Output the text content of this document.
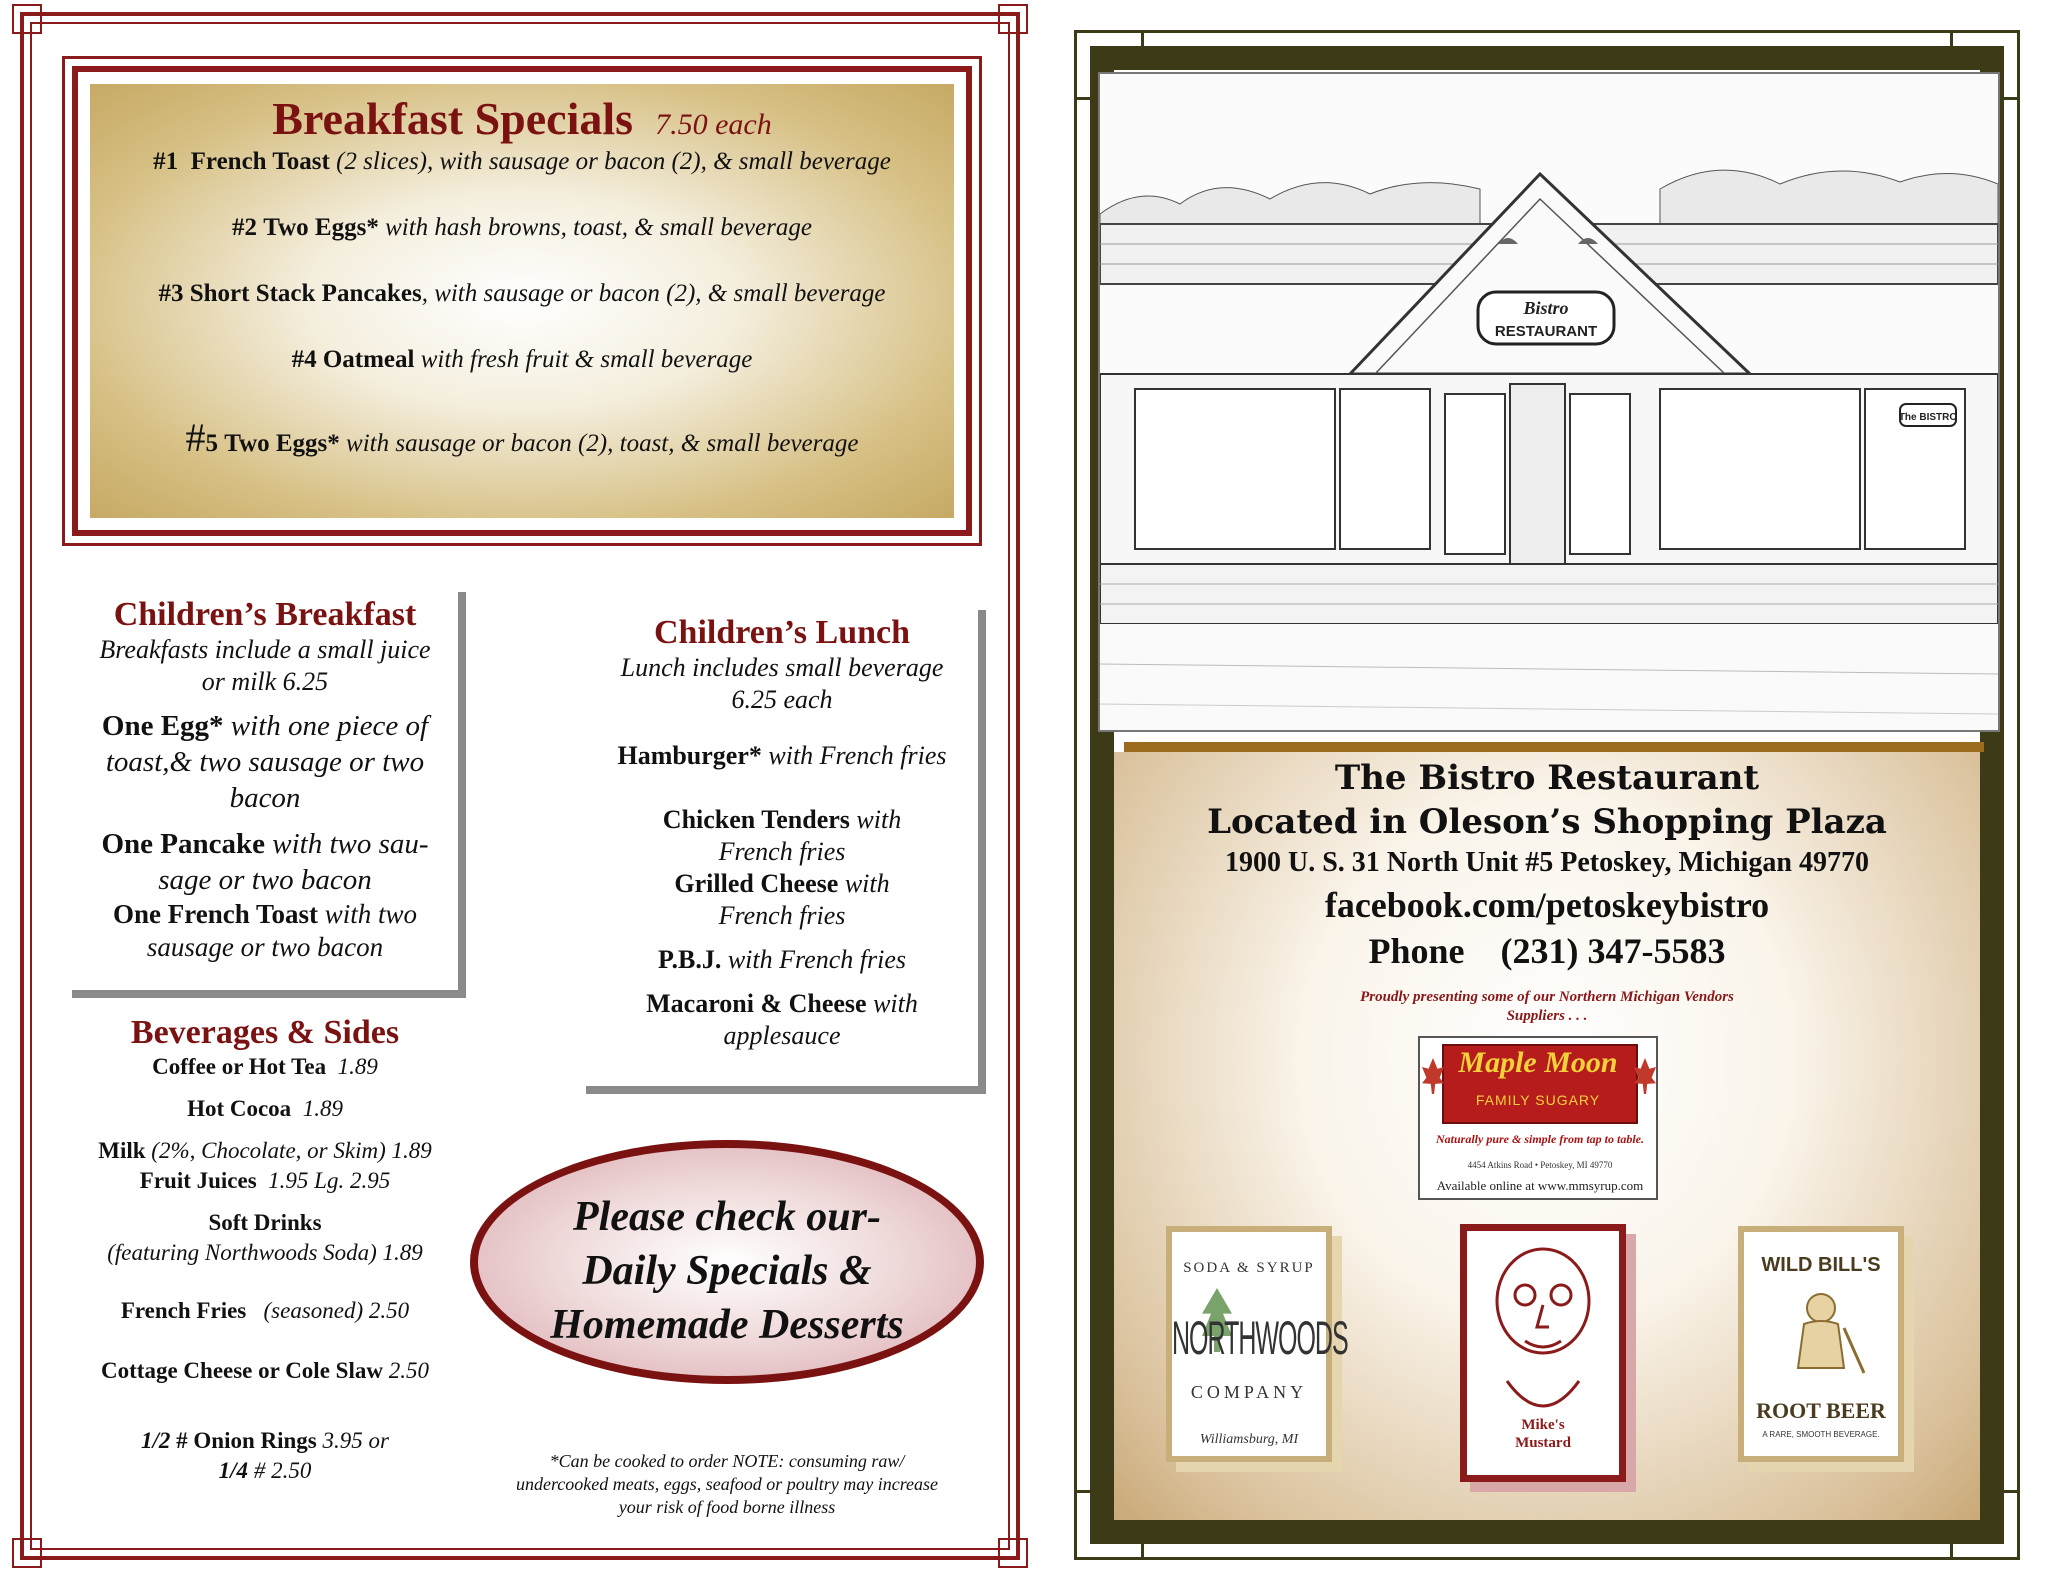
Breakfast Specials 7.50 each
#1 French Toast (2 slices), with sausage or bacon (2), & small beverage
#2 Two Eggs* with hash browns, toast, & small beverage
#3 Short Stack Pancakes, with sausage or bacon (2), & small beverage
#4 Oatmeal with fresh fruit & small beverage
#5 Two Eggs* with sausage or bacon (2), toast, & small beverage
Children’s Breakfast
Breakfasts include a small juice
or milk 6.25
One Egg* with one piece of
toast,& two sausage or two
bacon
One Pancake with two sau-
sage or two bacon
One French Toast with two
sausage or two bacon
Children’s Lunch
Lunch includes small beverage
6.25 each
Hamburger* with French fries
Chicken Tenders with
French fries
Grilled Cheese with
French fries
P.B.J. with French fries
Macaroni & Cheese with
applesauce
Beverages & Sides
Coffee or Hot Tea 1.89
Hot Cocoa 1.89
Milk (2%, Chocolate, or Skim) 1.89
Fruit Juices 1.95 Lg. 2.95
Soft Drinks
(featuring Northwoods Soda) 1.89
French Fries (seasoned) 2.50
Cottage Cheese or Cole Slaw 2.50
1/2 # Onion Rings 3.95 or
1/4 # 2.50
Please check our-
Daily Specials &
Homemade Desserts
*Can be cooked to order NOTE: consuming raw/
undercooked meats, eggs, seafood or poultry may increase
your risk of food borne illness
Bistro
RESTAURANT
The BISTRO
The Bistro Restaurant
Located in Oleson’s Shopping Plaza
1900 U. S. 31 North Unit #5 Petoskey, Michigan 49770
facebook.com/petoskeybistro
Phone    (231) 347-5583
Proudly presenting some of our Northern Michigan Vendors
Suppliers . . .
Maple Moon
FAMILY SUGARY
Naturally pure & simple from tap to table.
4454 Atkins Road • Petoskey, MI 49770
Available online at www.mmsyrup.com
SODA & SYRUP
NORTHWOODS
COMPANY
Williamsburg, MI
Mike's
Mustard
WILD BILL'S
ROOT BEER
A RARE, SMOOTH BEVERAGE.
